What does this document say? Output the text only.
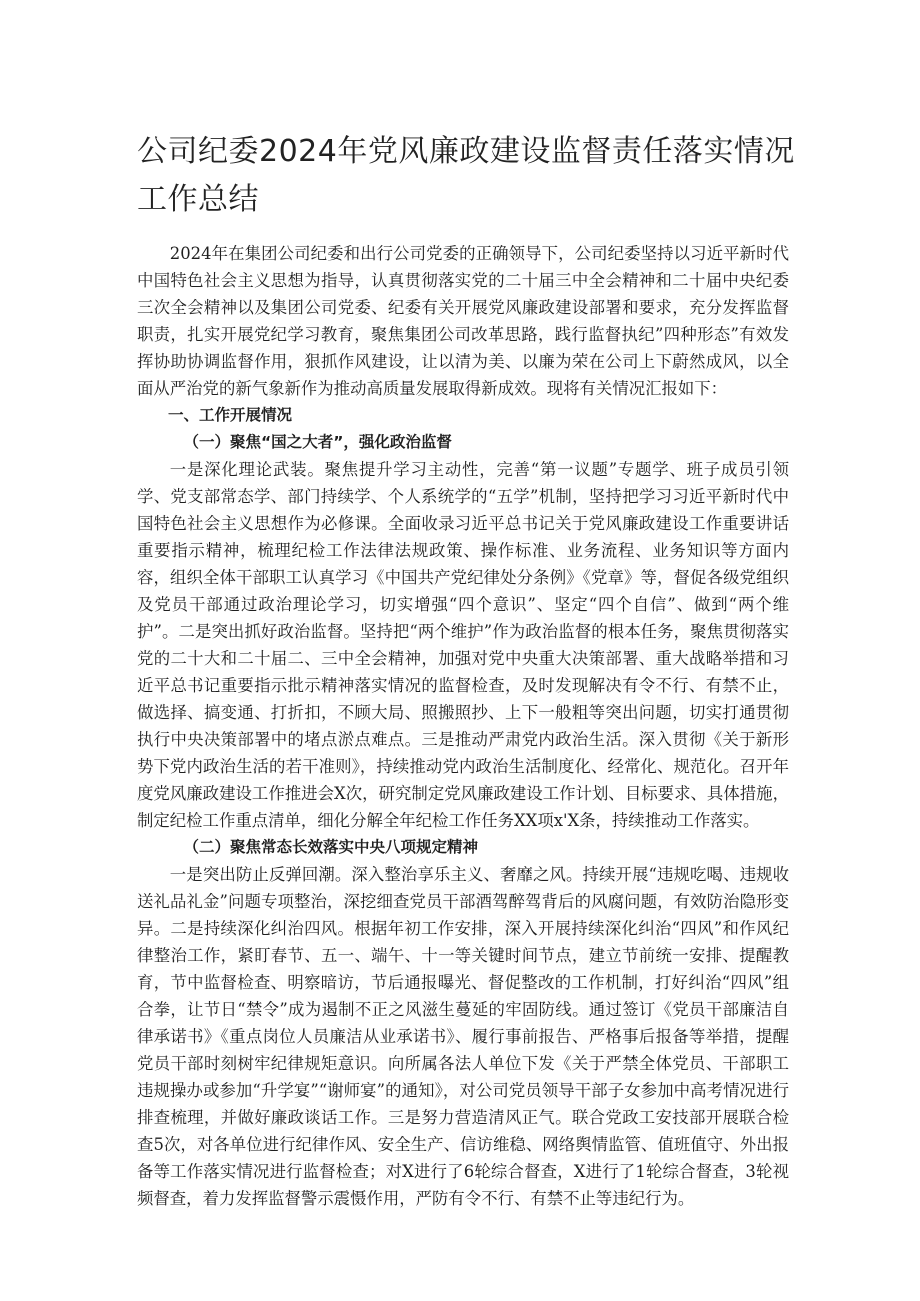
公司纪委2024年党风廉政建设监督责任落实情况工作总结

2024年在集团公司纪委和出行公司党委的正确领导下，公司纪委坚持以习近平新时代中国特色社会主义思想为指导，认真贯彻落实党的二十届三中全会精神和二十届中央纪委三次全会精神以及集团公司党委、纪委有关开展党风廉政建设部署和要求，充分发挥监督职责，扎实开展党纪学习教育，聚焦集团公司改革思路，践行监督执纪”四种形态”有效发挥协助协调监督作用，狠抓作风建设，让以清为美、以廉为荣在公司上下蔚然成风，以全面从严治党的新气象新作为推动高质量发展取得新成效。现将有关情况汇报如下：

一、工作开展情况

（一）聚焦“国之大者”，强化政治监督

一是深化理论武装。聚焦提升学习主动性，完善“第一议题”专题学、班子成员引领学、党支部常态学、部门持续学、个人系统学的“五学”机制，坚持把学习习近平新时代中国特色社会主义思想作为必修课。全面收录习近平总书记关于党风廉政建设工作重要讲话重要指示精神，梳理纪检工作法律法规政策、操作标准、业务流程、业务知识等方面内容，组织全体干部职工认真学习《中国共产党纪律处分条例》《党章》等，督促各级党组织及党员干部通过政治理论学习，切实增强“四个意识”、坚定“四个自信”、做到“两个维护”。二是突出抓好政治监督。坚持把“两个维护”作为政治监督的根本任务，聚焦贯彻落实党的二十大和二十届二、三中全会精神，加强对党中央重大决策部署、重大战略举措和习近平总书记重要指示批示精神落实情况的监督检查，及时发现解决有令不行、有禁不止，做选择、搞变通、打折扣，不顾大局、照搬照抄、上下一般粗等突出问题，切实打通贯彻执行中央决策部署中的堵点淤点难点。三是推动严肃党内政治生活。深入贯彻《关于新形势下党内政治生活的若干准则》，持续推动党内政治生活制度化、经常化、规范化。召开年度党风廉政建设工作推进会X次，研究制定党风廉政建设工作计划、目标要求、具体措施，制定纪检工作重点清单，细化分解全年纪检工作任务XX项x'X条，持续推动工作落实。

（二）聚焦常态长效落实中央八项规定精神

一是突出防止反弹回潮。深入整治享乐主义、奢靡之风。持续开展“违规吃喝、违规收送礼品礼金”问题专项整治，深挖细查党员干部酒驾醉驾背后的风腐问题，有效防治隐形变异。二是持续深化纠治四风。根据年初工作安排，深入开展持续深化纠治“四风”和作风纪律整治工作，紧盯春节、五一、端午、十一等关键时间节点，建立节前统一安排、提醒教育，节中监督检查、明察暗访，节后通报曝光、督促整改的工作机制，打好纠治“四风”组合拳，让节日“禁令”成为遏制不正之风滋生蔓延的牢固防线。通过签订《党员干部廉洁自律承诺书》《重点岗位人员廉洁从业承诺书》、履行事前报告、严格事后报备等举措，提醒党员干部时刻树牢纪律规矩意识。向所属各法人单位下发《关于严禁全体党员、干部职工违规操办或参加“升学宴”“谢师宴”的通知》，对公司党员领导干部子女参加中高考情况进行排查梳理，并做好廉政谈话工作。三是努力营造清风正气。联合党政工安技部开展联合检查5次，对各单位进行纪律作风、安全生产、信访维稳、网络舆情监管、值班值守、外出报备等工作落实情况进行监督检查；对X进行了6轮综合督查，X进行了1轮综合督查，3轮视频督查，着力发挥监督警示震慑作用，严防有令不行、有禁不止等违纪行为。
